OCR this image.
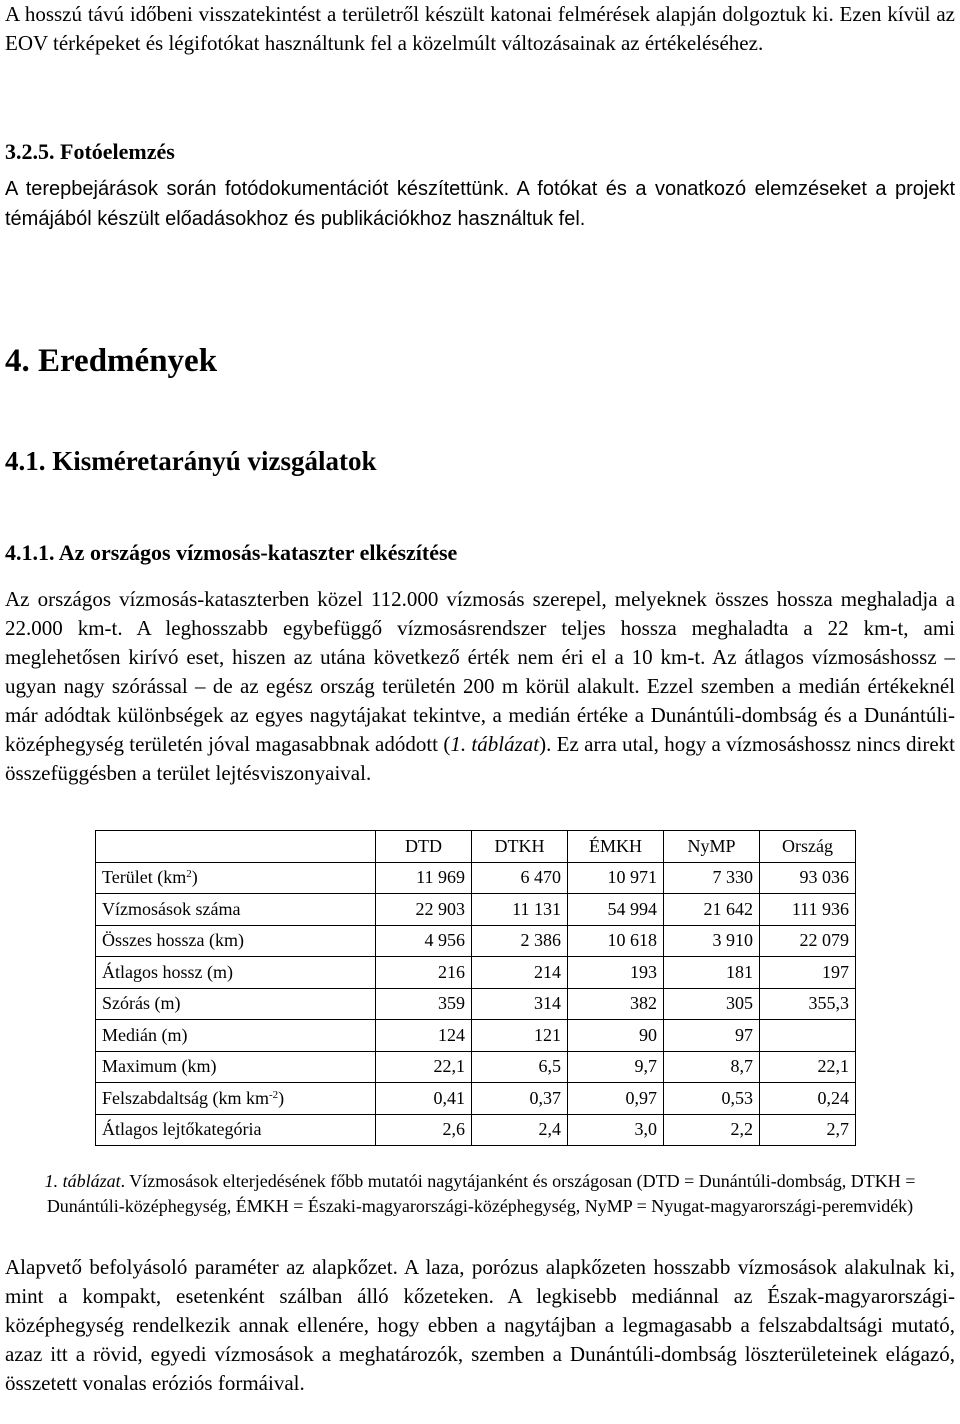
A hosszú távú időbeni visszatekintést a területről készült katonai felmérések alapján dolgoztuk ki. Ezen kívül az EOV térképeket és légifotókat használtunk fel a közelmúlt változásainak az értékeléséhez.

3.2.5. Fotóelemzés

A terepbejárások során fotódokumentációt készítettünk. A fotókat és a vonatkozó elemzéseket a projekt témájából készült előadásokhoz és publikációkhoz használtuk fel.

4. Eredmények
4.1. Kisméretarányú vizsgálatok
4.1.1. Az országos vízmosás-kataszter elkészítése

Az országos vízmosás-kataszterben közel 112.000 vízmosás szerepel, melyeknek összes hossza meghaladja a 22.000 km-t. A leghosszabb egybefüggő vízmosásrendszer teljes hossza meghaladta a 22 km-t, ami meglehetősen kirívó eset, hiszen az utána következő érték nem éri el a 10 km-t. Az átlagos vízmosáshossz – ugyan nagy szórással – de az egész ország területén 200 m körül alakult. Ezzel szemben a medián értékeknél már adódtak különbségek az egyes nagytájakat tekintve, a medián értéke a Dunántúli-dombság és a Dunántúli-középhegység területén jóval magasabbnak adódott (1. táblázat). Ez arra utal, hogy a vízmosáshossz nincs direkt összefüggésben a terület lejtésviszonyaival.

	DTD	DTKH	ÉMKH	NyMP	Ország
Terület $(km^2)$	11 969	6 470	10 971	7 330	93 036
Vízmosások száma	22 903	11 131	54 994	21 642	111 936
Összes hossza (km)	4 956	2 386	10 618	3 910	22 079
Átlagos hossz (m)	216	214	193	181	197
Szórás (m)	359	314	382	305	355,3
Medián (m)	124	121	90	97	
Maximum (km)	22,1	6,5	9,7	8,7	22,1
Felszabdaltság (km $km^{-2}$)	0,41	0,37	0,97	0,53	0,24
Átlagos lejtőkategória	2,6	2,4	3,0	2,2	2,7
1. táblázat. Vízmosások elterjedésének főbb mutatói nagytájanként és országosan (DTD = Dunántúli-dombság, DTKH = Dunántúli-középhegység, ÉMKH = Északi-magyarországi-középhegység, NyMP = Nyugat-magyarországi-peremvidék)

Alapvető befolyásoló paraméter az alapkőzet. A laza, porózus alapkőzeten hosszabb vízmosások alakulnak ki, mint a kompakt, esetenként szálban álló kőzeteken. A legkisebb mediánnal az Észak-magyarországi-középhegység rendelkezik annak ellenére, hogy ebben a nagytájban a legmagasabb a felszabdaltsági mutató, azaz itt a rövid, egyedi vízmosások a meghatározók, szemben a Dunántúli-dombság löszterületeinek elágazó, összetett vonalas eróziós formáival.
